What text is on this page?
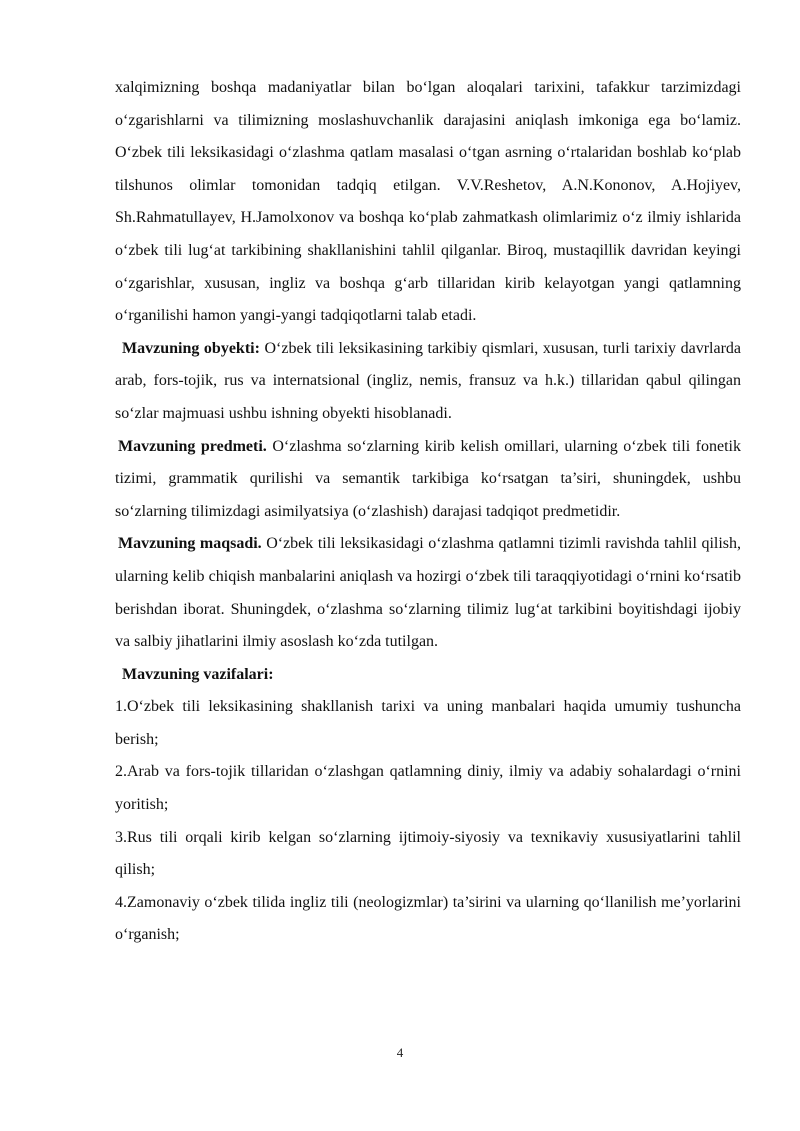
xalqimizning boshqa madaniyatlar bilan bo‘lgan aloqalari tarixini, tafakkur tarzimizdagi o‘zgarishlarni va tilimizning moslashuvchanlik darajasini aniqlash imkoniga ega bo‘lamiz. O‘zbek tili leksikasidagi o‘zlashma qatlam masalasi o‘tgan asrning o‘rtalaridan boshlab ko‘plab tilshunos olimlar tomonidan tadqiq etilgan. V.V.Reshetov, A.N.Kononov, A.Hojiyev, Sh.Rahmatullayev, H.Jamolxonov va boshqa ko‘plab zahmatkash olimlarimiz o‘z ilmiy ishlarida o‘zbek tili lug‘at tarkibining shakllanishini tahlil qilganlar. Biroq, mustaqillik davridan keyingi o‘zgarishlar, xususan, ingliz va boshqa g‘arb tillaridan kirib kelayotgan yangi qatlamning o‘rganilishi hamon yangi-yangi tadqiqotlarni talab etadi.

Mavzuning obyekti: O‘zbek tili leksikasining tarkibiy qismlari, xususan, turli tarixiy davrlarda arab, fors-tojik, rus va internatsional (ingliz, nemis, fransuz va h.k.) tillaridan qabul qilingan so‘zlar majmuasi ushbu ishning obyekti hisoblanadi.

Mavzuning predmeti. O‘zlashma so‘zlarning kirib kelish omillari, ularning o‘zbek tili fonetik tizimi, grammatik qurilishi va semantik tarkibiga ko‘rsatgan ta’siri, shuningdek, ushbu so‘zlarning tilimizdagi asimilyatsiya (o‘zlashish) darajasi tadqiqot predmetidir.

Mavzuning maqsadi. O‘zbek tili leksikasidagi o‘zlashma qatlamni tizimli ravishda tahlil qilish, ularning kelib chiqish manbalarini aniqlash va hozirgi o‘zbek tili taraqqiyotidagi o‘rnini ko‘rsatib berishdan iborat. Shuningdek, o‘zlashma so‘zlarning tilimiz lug‘at tarkibini boyitishdagi ijobiy va salbiy jihatlarini ilmiy asoslash ko‘zda tutilgan.

Mavzuning vazifalari:

1.O‘zbek tili leksikasining shakllanish tarixi va uning manbalari haqida umumiy tushuncha berish;

2.Arab va fors-tojik tillaridan o‘zlashgan qatlamning diniy, ilmiy va adabiy sohalardagi o‘rnini yoritish;

3.Rus tili orqali kirib kelgan so‘zlarning ijtimoiy-siyosiy va texnikaviy xususiyatlarini tahlil qilish;

4.Zamonaviy o‘zbek tilida ingliz tili (neologizmlar) ta’sirini va ularning qo‘llanilish me’yorlarini o‘rganish;

4
